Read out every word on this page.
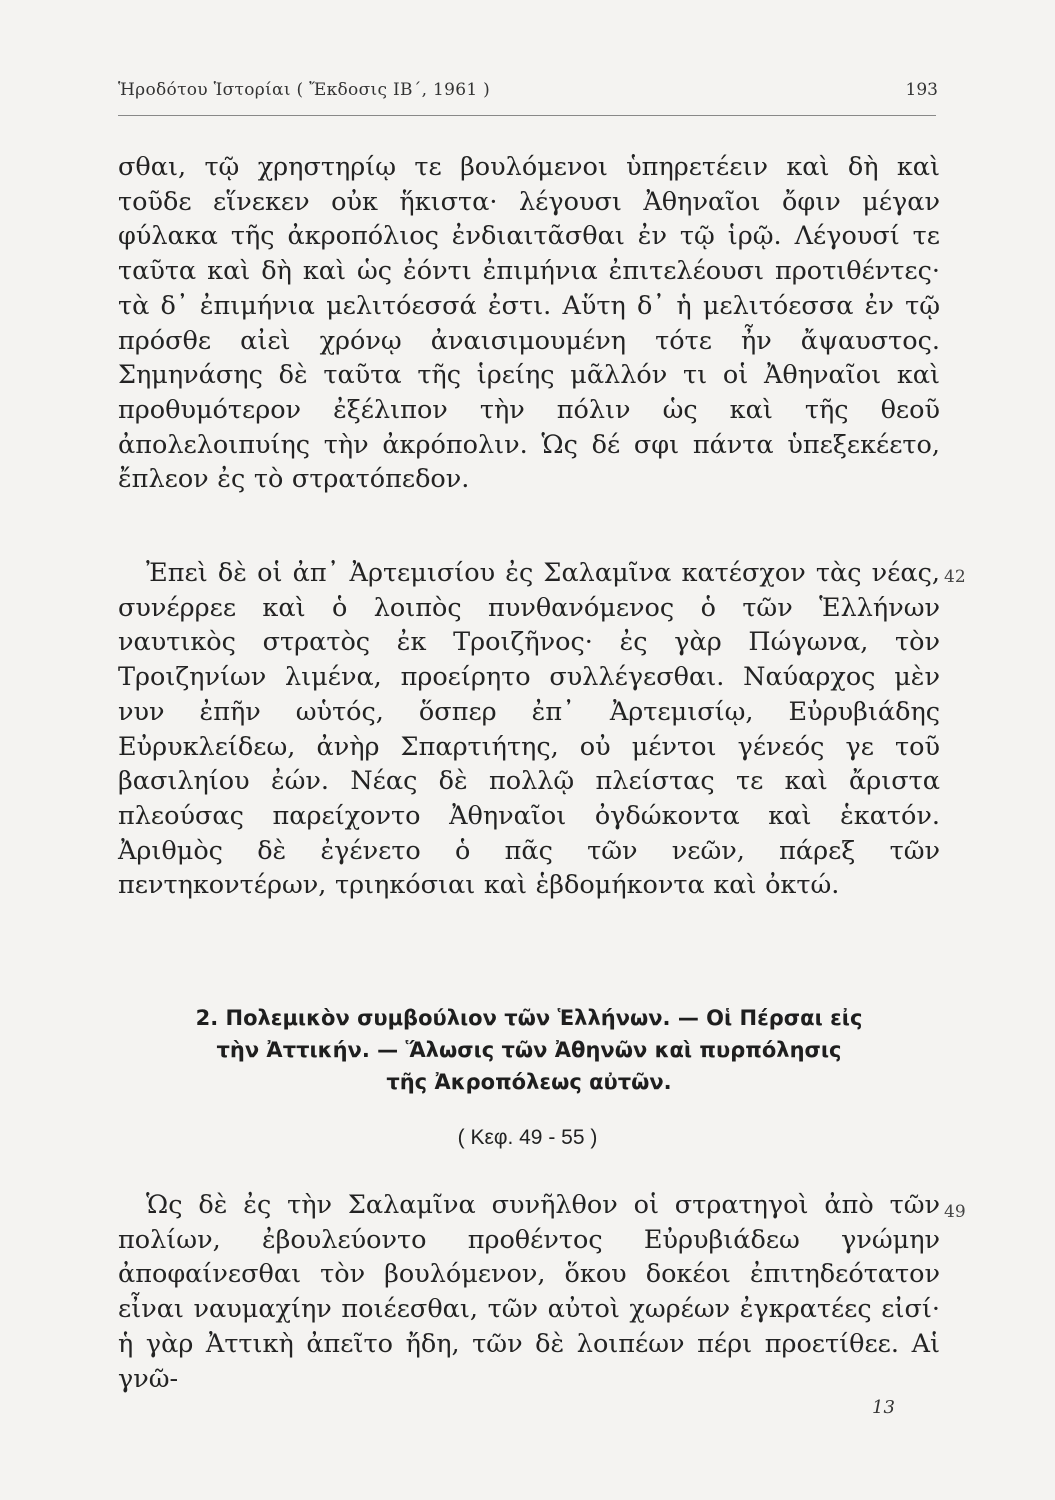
Ἡροδότου Ἱστορίαι ( Ἔκδοσις ΙΒ΄, 1961 )	193

σθαι, τῷ χρηστηρίῳ τε βουλόμενοι ὑπηρετέειν καὶ δὴ καὶ τοῦδε εἵνεκεν οὐκ ἥκιστα· λέγουσι Ἀθηναῖοι ὄφιν μέγαν φύλακα τῆς ἀκροπόλιος ἐνδιαιτᾶσθαι ἐν τῷ ἱρῷ. Λέγουσί τε ταῦτα καὶ δὴ καὶ ὡς ἐόντι ἐπιμήνια ἐπιτελέουσι προτιθέντες· τὰ δ᾽ ἐπιμήνια μελιτόεσσά ἐστι. Αὕτη δ᾽ ἡ μελιτόεσσα ἐν τῷ πρόσθε αἰεὶ χρόνῳ ἀναισιμουμένη τότε ἦν ἄψαυστος. Σημηνάσης δὲ ταῦτα τῆς ἱρείης μᾶλλόν τι οἱ Ἀθηναῖοι καὶ προθυμότερον ἐξέλιπον τὴν πόλιν ὡς καὶ τῆς θεοῦ ἀπολελοιπυίης τὴν ἀκρόπολιν. Ὡς δέ σφι πάντα ὑπεξεκέετο, ἔπλεον ἐς τὸ στρατόπεδον.

Ἐπεὶ δὲ οἱ ἀπ᾽ Ἀρτεμισίου ἐς Σαλαμῖνα κατέσχον τὰς νέας, συνέρρεε καὶ ὁ λοιπὸς πυνθανόμενος ὁ τῶν Ἑλλήνων ναυτικὸς στρατὸς ἐκ Τροιζῆνος· ἐς γὰρ Πώγωνα, τὸν Τροιζηνίων λιμένα, προείρητο συλλέγεσθαι. Ναύαρχος μὲν νυν ἐπῆν ωὑτός, ὅσπερ ἐπ᾽ Ἀρτεμισίῳ, Εὐρυβιάδης Εὐρυκλείδεω, ἀνὴρ Σπαρτιήτης, οὐ μέντοι γένεός γε τοῦ βασιληίου ἐών. Νέας δὲ πολλῷ πλείστας τε καὶ ἄριστα πλεούσας παρείχοντο Ἀθηναῖοι ὀγδώκοντα καὶ ἑκατόν. Ἀριθμὸς δὲ ἐγένετο ὁ πᾶς τῶν νεῶν, πάρεξ τῶν πεντηκοντέρων, τριηκόσιαι καὶ ἑβδομήκοντα καὶ ὀκτώ.

42
2. Πολεμικὸν συμβούλιον τῶν Ἑλλήνων. — Οἱ Πέρσαι εἰς
τὴν Ἀττικήν. — Ἅλωσις τῶν Ἀθηνῶν καὶ πυρπόλησις
τῆς Ἀκροπόλεως αὐτῶν.
( Κεφ. 49 - 55 )

Ὡς δὲ ἐς τὴν Σαλαμῖνα συνῆλθον οἱ στρατηγοὶ ἀπὸ τῶν πολίων, ἐβουλεύοντο προθέντος Εὐρυβιάδεω γνώμην ἀποφαίνεσθαι τὸν βουλόμενον, ὅκου δοκέοι ἐπιτηδεότατον εἶναι ναυμαχίην ποιέεσθαι, τῶν αὐτοὶ χωρέων ἐγκρατέες εἰσί· ἡ γὰρ Ἀττικὴ ἀπεῖτο ἤδη, τῶν δὲ λοιπέων πέρι προετίθεε. Αἱ γνῶ-

49
13
